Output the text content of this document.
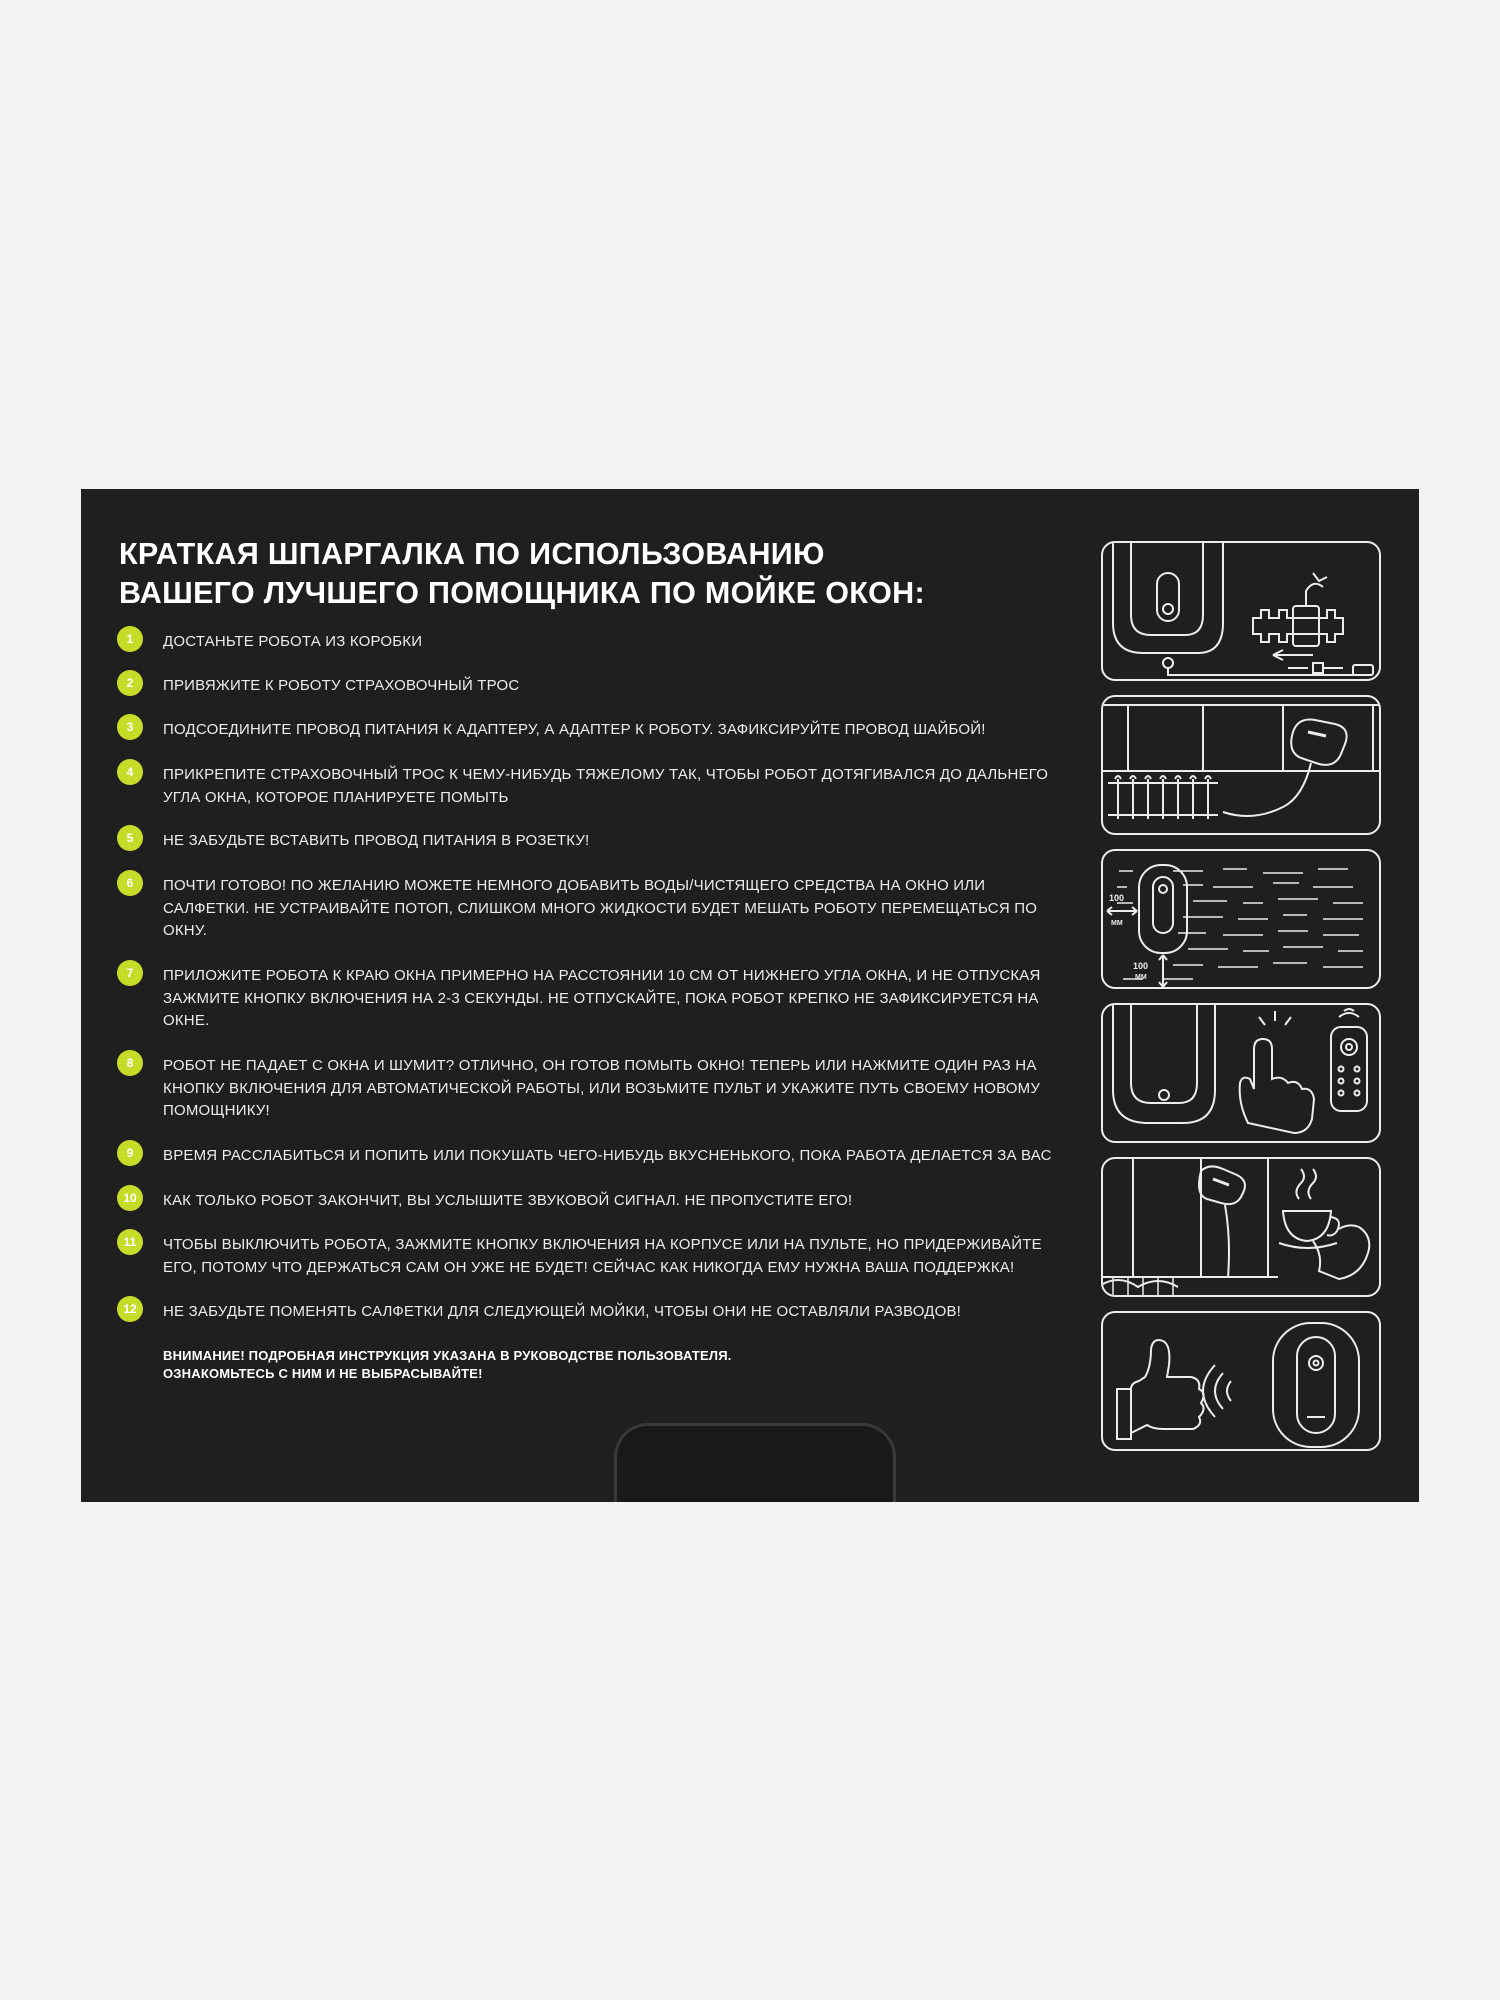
КРАТКАЯ ШПАРГАЛКА ПО ИСПОЛЬЗОВАНИЮ
ВАШЕГО ЛУЧШЕГО ПОМОЩНИКА ПО МОЙКЕ ОКОН:
1	ДОСТАНЬТЕ РОБОТА ИЗ КОРОБКИ
2	ПРИВЯЖИТЕ К РОБОТУ СТРАХОВОЧНЫЙ ТРОС
3	ПОДСОЕДИНИТЕ ПРОВОД ПИТАНИЯ К АДАПТЕРУ, А АДАПТЕР К РОБОТУ. ЗАФИКСИРУЙТЕ ПРОВОД ШАЙБОЙ!
4	ПРИКРЕПИТЕ СТРАХОВОЧНЫЙ ТРОС К ЧЕМУ-НИБУДЬ ТЯЖЕЛОМУ ТАК, ЧТОБЫ РОБОТ ДОТЯГИВАЛСЯ ДО ДАЛЬНЕГО УГЛА ОКНА, КОТОРОЕ ПЛАНИРУЕТЕ ПОМЫТЬ
5	НЕ ЗАБУДЬТЕ ВСТАВИТЬ ПРОВОД ПИТАНИЯ В РОЗЕТКУ!
6	ПОЧТИ ГОТОВО! ПО ЖЕЛАНИЮ МОЖЕТЕ НЕМНОГО ДОБАВИТЬ ВОДЫ/ЧИСТЯЩЕГО СРЕДСТВА НА ОКНО ИЛИ САЛФЕТКИ. НЕ УСТРАИВАЙТЕ ПОТОП, СЛИШКОМ МНОГО ЖИДКОСТИ БУДЕТ МЕШАТЬ РОБОТУ ПЕРЕМЕЩАТЬСЯ ПО ОКНУ.
7	ПРИЛОЖИТЕ РОБОТА К КРАЮ ОКНА ПРИМЕРНО НА РАССТОЯНИИ 10 СМ ОТ НИЖНЕГО УГЛА ОКНА, И НЕ ОТПУСКАЯ ЗАЖМИТЕ КНОПКУ ВКЛЮЧЕНИЯ НА 2-3 СЕКУНДЫ. НЕ ОТПУСКАЙТЕ, ПОКА РОБОТ КРЕПКО НЕ ЗАФИКСИРУЕТСЯ НА ОКНЕ.
8	РОБОТ НЕ ПАДАЕТ С ОКНА И ШУМИТ? ОТЛИЧНО, ОН ГОТОВ ПОМЫТЬ ОКНО! ТЕПЕРЬ ИЛИ НАЖМИТЕ ОДИН РАЗ НА КНОПКУ ВКЛЮЧЕНИЯ ДЛЯ АВТОМАТИЧЕСКОЙ РАБОТЫ, ИЛИ ВОЗЬМИТЕ ПУЛЬТ И УКАЖИТЕ ПУТЬ СВОЕМУ НОВОМУ ПОМОЩНИКУ!
9	ВРЕМЯ РАССЛАБИТЬСЯ И ПОПИТЬ ИЛИ ПОКУШАТЬ ЧЕГО-НИБУДЬ ВКУСНЕНЬКОГО, ПОКА РАБОТА ДЕЛАЕТСЯ ЗА ВАС
10	КАК ТОЛЬКО РОБОТ ЗАКОНЧИТ, ВЫ УСЛЫШИТЕ ЗВУКОВОЙ СИГНАЛ. НЕ ПРОПУСТИТЕ ЕГО!
11	ЧТОБЫ ВЫКЛЮЧИТЬ РОБОТА, ЗАЖМИТЕ КНОПКУ ВКЛЮЧЕНИЯ НА КОРПУСЕ ИЛИ НА ПУЛЬТЕ, НО ПРИДЕРЖИВАЙТЕ ЕГО, ПОТОМУ ЧТО ДЕРЖАТЬСЯ САМ ОН УЖЕ НЕ БУДЕТ! СЕЙЧАС КАК НИКОГДА ЕМУ НУЖНА ВАША ПОДДЕРЖКА!
12	НЕ ЗАБУДЬТЕ ПОМЕНЯТЬ САЛФЕТКИ ДЛЯ СЛЕДУЮЩЕЙ МОЙКИ, ЧТОБЫ ОНИ НЕ ОСТАВЛЯЛИ РАЗВОДОВ!
ВНИМАНИЕ! ПОДРОБНАЯ ИНСТРУКЦИЯ УКАЗАНА В РУКОВОДСТВЕ ПОЛЬЗОВАТЕЛЯ.
ОЗНАКОМЬТЕСЬ С НИМ И НЕ ВЫБРАСЫВАЙТЕ!
100
ММ
100
ММ
